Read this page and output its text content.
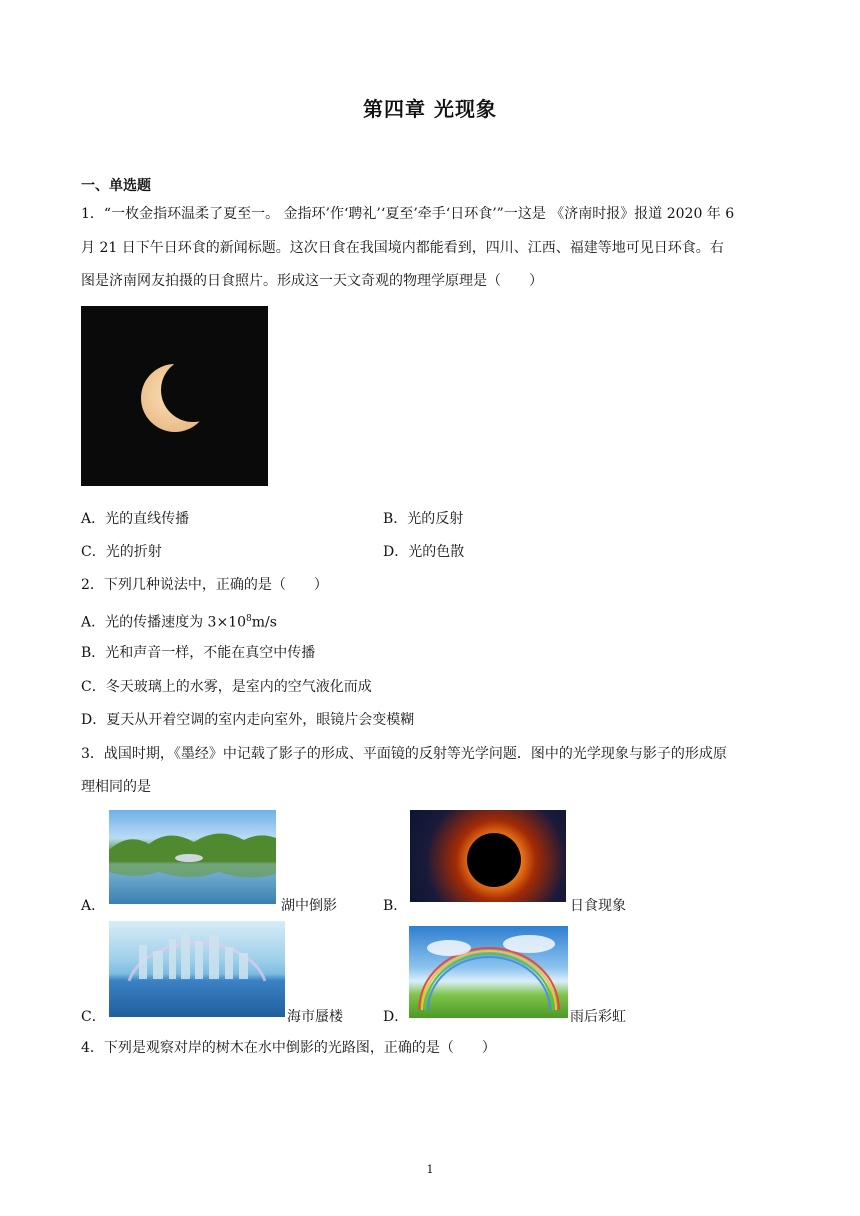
第四章 光现象
一、单选题
1．“一枚金指环温柔了夏至一。 金指环’作‘聘礼’‘夏至’牵手‘日环食’”一这是 《济南时报》报道 2020 年 6
月 21 日下午日环食的新闻标题。这次日食在我国境内都能看到，四川、江西、福建等地可见日环食。右
图是济南网友拍摄的日食照片。形成这一天文奇观的物理学原理是（　　）
A．光的直线传播	B．光的反射
C．光的折射	D．光的色散
2．下列几种说法中，正确的是（　　）
A．光的传播速度为 $3\times 10^8m/s$
B．光和声音一样，不能在真空中传播
C．冬天玻璃上的水雾，是室内的空气液化而成
D．夏天从开着空调的室内走向室外，眼镜片会变模糊
3．战国时期，《墨经》中记载了影子的形成、平面镜的反射等光学问题．图中的光学现象与影子的形成原
理相同的是
A．	湖中倒影	B．	日食现象
C．	海市蜃楼	D．	雨后彩虹
4．下列是观察对岸的树木在水中倒影的光路图，正确的是（　　）
1
